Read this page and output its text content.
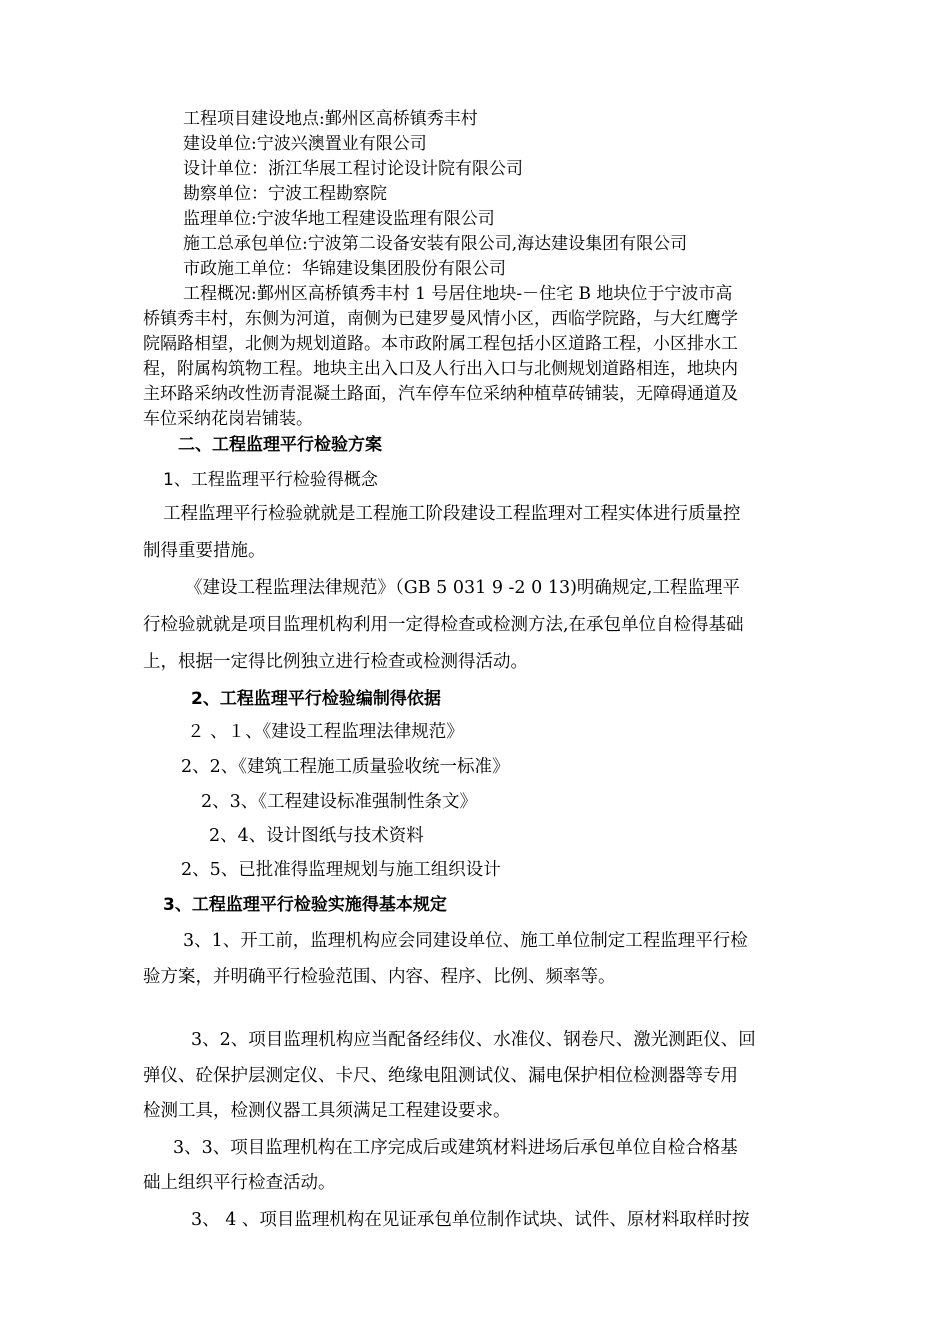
工程项目建设地点:鄞州区高桥镇秀丰村
建设单位:宁波兴澳置业有限公司
设计单位：浙江华展工程讨论设计院有限公司
勘察单位：宁波工程勘察院
监理单位:宁波华地工程建设监理有限公司
施工总承包单位:宁波第二设备安装有限公司,海达建设集团有限公司
市政施工单位：华锦建设集团股份有限公司
工程概况:鄞州区高桥镇秀丰村 1 号居住地块-－住宅 B 地块位于宁波市高
桥镇秀丰村，东侧为河道，南侧为已建罗曼风情小区，西临学院路，与大红鹰学
院隔路相望，北侧为规划道路。本市政附属工程包括小区道路工程，小区排水工
程，附属构筑物工程。地块主出入口及人行出入口与北侧规划道路相连，地块内
主环路采纳改性沥青混凝土路面，汽车停车位采纳种植草砖铺装，无障碍通道及
车位采纳花岗岩铺装。
二、工程监理平行检验方案
1、工程监理平行检验得概念
工程监理平行检验就就是工程施工阶段建设工程监理对工程实体进行质量控
制得重要措施。
《建设工程监理法律规范》（GB 5 031 9 -2 0 13)明确规定,工程监理平
行检验就就是项目监理机构利用一定得检查或检测方法,在承包单位自检得基础
上，根据一定得比例独立进行检查或检测得活动。
2、工程监理平行检验编制得依据
２ 、１、《建设工程监理法律规范》
2、2、《建筑工程施工质量验收统一标准》
2、3、《工程建设标准强制性条文》
2、4、设计图纸与技术资料
2、5、已批准得监理规划与施工组织设计
3、工程监理平行检验实施得基本规定
3、1、开工前，监理机构应会同建设单位、施工单位制定工程监理平行检
验方案，并明确平行检验范围、内容、程序、比例、频率等。
3、2、项目监理机构应当配备经纬仪、水准仪、钢卷尺、激光测距仪、回
弹仪、砼保护层测定仪、卡尺、绝缘电阻测试仪、漏电保护相位检测器等专用
检测工具，检测仪器工具须满足工程建设要求。
3、3、项目监理机构在工序完成后或建筑材料进场后承包单位自检合格基
础上组织平行检查活动。
3、 4 、项目监理机构在见证承包单位制作试块、试件、原材料取样时按
